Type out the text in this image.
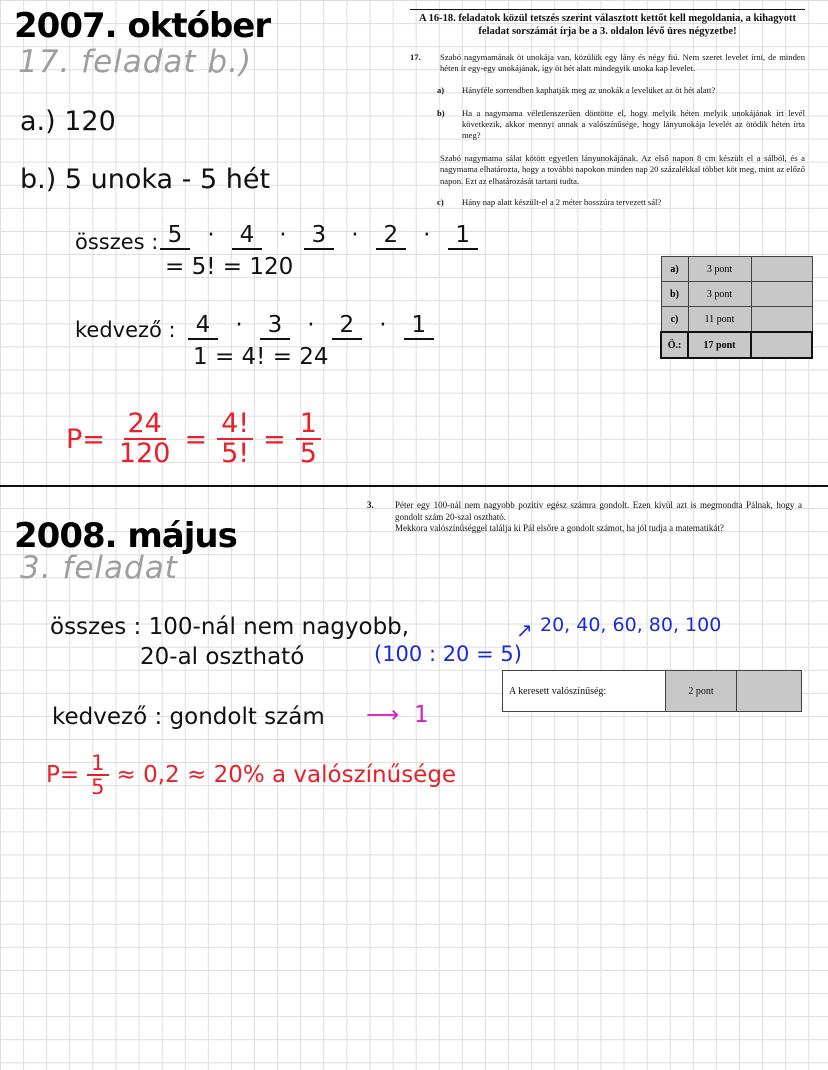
2007. október
17. feladat b.)
a.) 120
b.) 5 unoka - 5 hét
összes : 5 · 4 · 3 · 2 · 1
= 5! = 120
kedvező : 4 · 3 · 2 · 1
1 = 4! = 24
$P= \frac{24}{120} = \frac{4!}{5!} = \frac{1}{5}$

A 16-18. feladatok közül tetszés szerint választott kettőt kell megoldania, a kihagyott feladat sorszámát írja be a 3. oldalon lévő üres négyzetbe!

17.	Szabó nagymamának öt unokája van, közülük egy lány és négy fiú. Nem szeret levelet írni, de minden héten ír egy-egy unokájának, így öt hét alatt mindegyik unoka kap levelet.
a)	Hányféle sorrendben kaphatják meg az unokák a levelüket az öt hét alatt?
b)	Ha a nagymama véletlenszerűen döntötte el, hogy melyik héten melyik unokájának írt levél következik, akkor mennyi annak a valószínűsége, hogy lányunokája levelét az ötödik héten írta meg?

Szabó nagymama sálat kötött egyetlen lányunokájának. Az első napon 8 cm készült el a sálból, és a nagymama elhatározta, hogy a további napokon minden nap 20 százalékkal többet köt meg, mint az előző napon. Ezt az elhatározását tartani tudta.

c)	Hány nap alatt készült-el a 2 méter hosszúra tervezett sál?
a)	3 pont	
b)	3 pont	
c)	11 pont	
Ö.:	17 pont	
2008. május
3. feladat
összes : 100-nál nem nagyobb,
20-al osztható	(100 : 20 = 5)
↗ 20, 40, 60, 80, 100
kedvező : gondolt szám ⟶ 1
$P= \frac{1}{5} \approx 0,2 \approx 20\%$ a valószínűsége
3.	Péter egy 100-nál nem nagyobb pozitív egész számra gondolt. Ezen kívül azt is megmondta Pálnak, hogy a gondolt szám 20-szal osztható.
Mekkora valószínűséggel találja ki Pál elsőre a gondolt számot, ha jól tudja a matematikát?
A keresett valószínűség:	2 pont
